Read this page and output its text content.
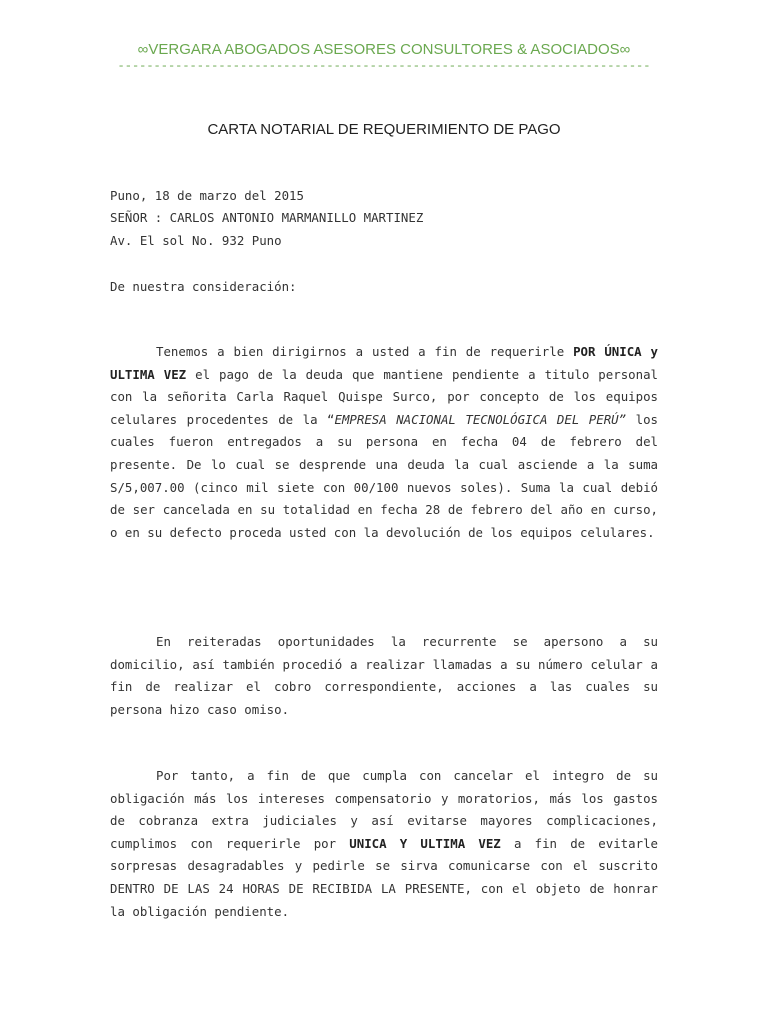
∞VERGARA ABOGADOS ASESORES CONSULTORES & ASOCIADOS∞
--------------------------------------------------------------------------
CARTA NOTARIAL DE REQUERIMIENTO DE PAGO
Puno, 18 de marzo del 2015
SEÑOR : CARLOS ANTONIO MARMANILLO MARTINEZ
Av. El sol No. 932 Puno
De nuestra consideración:
Tenemos a bien dirigirnos a usted a fin de requerirle POR ÚNICA y ULTIMA VEZ el pago de la deuda que mantiene pendiente a titulo personal con la señorita Carla Raquel Quispe Surco, por concepto de los equipos celulares procedentes de la “EMPRESA NACIONAL TECNOLÓGICA DEL PERÚ” los cuales fueron entregados a su persona en fecha 04 de febrero del presente. De lo cual se desprende una deuda la cual asciende a la suma S/5,007.00 (cinco mil siete con 00/100 nuevos soles). Suma la cual debió de ser cancelada en su totalidad en fecha 28 de febrero del año en curso, o en su defecto proceda usted con la devolución de los equipos celulares.
En reiteradas oportunidades la recurrente se apersono a su domicilio, así también procedió a realizar llamadas a su número celular a fin de realizar el cobro correspondiente, acciones a las cuales su persona hizo caso omiso.
Por tanto, a fin de que cumpla con cancelar el integro de su obligación más los intereses compensatorio y moratorios, más los gastos de cobranza extra judiciales y así evitarse mayores complicaciones, cumplimos con requerirle por UNICA Y ULTIMA VEZ a fin de evitarle sorpresas desagradables y pedirle se sirva comunicarse con el suscrito DENTRO DE LAS 24 HORAS DE RECIBIDA LA PRESENTE, con el objeto de honrar la obligación pendiente.
